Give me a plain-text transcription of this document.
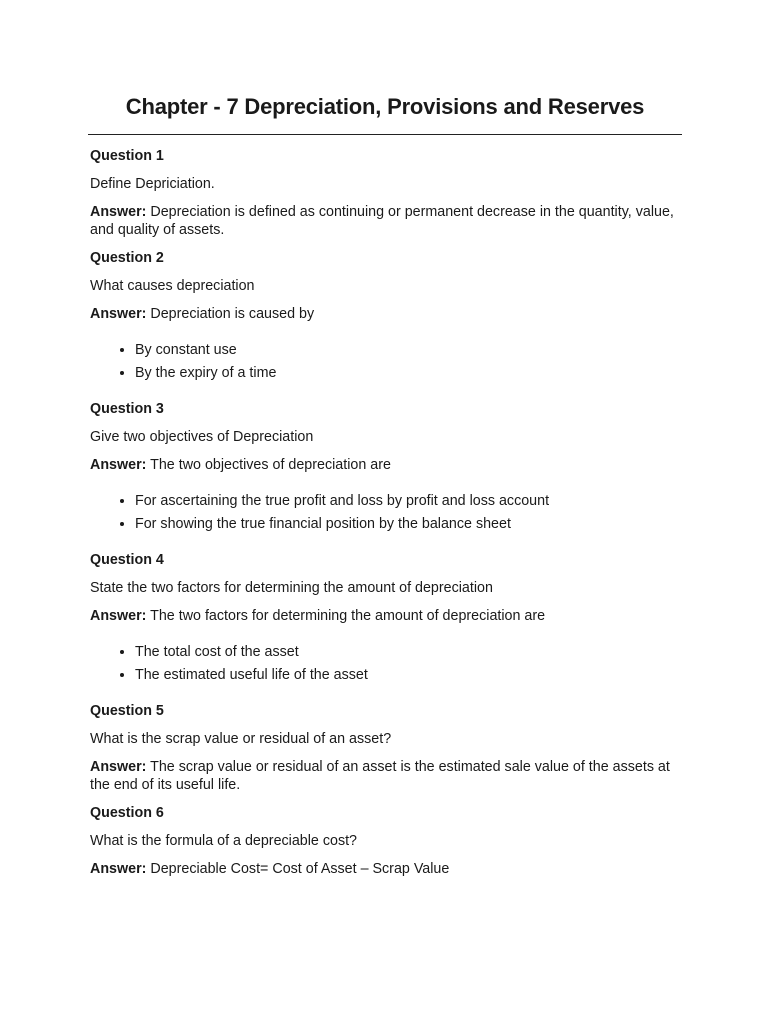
Chapter - 7 Depreciation, Provisions and Reserves

Question 1

Define Depriciation.

Answer: Depreciation is defined as continuing or permanent decrease in the quantity, value, and quality of assets.

Question 2

What causes depreciation

Answer: Depreciation is caused by

• By constant use
• By the expiry of a time

Question 3

Give two objectives of Depreciation

Answer: The two objectives of depreciation are

• For ascertaining the true profit and loss by profit and loss account
• For showing the true financial position by the balance sheet

Question 4

State the two factors for determining the amount of depreciation

Answer: The two factors for determining the amount of depreciation are

• The total cost of the asset
• The estimated useful life of the asset

Question 5

What is the scrap value or residual of an asset?

Answer: The scrap value or residual of an asset is the estimated sale value of the assets at the end of its useful life.

Question 6

What is the formula of a depreciable cost?

Answer: Depreciable Cost= Cost of Asset – Scrap Value
